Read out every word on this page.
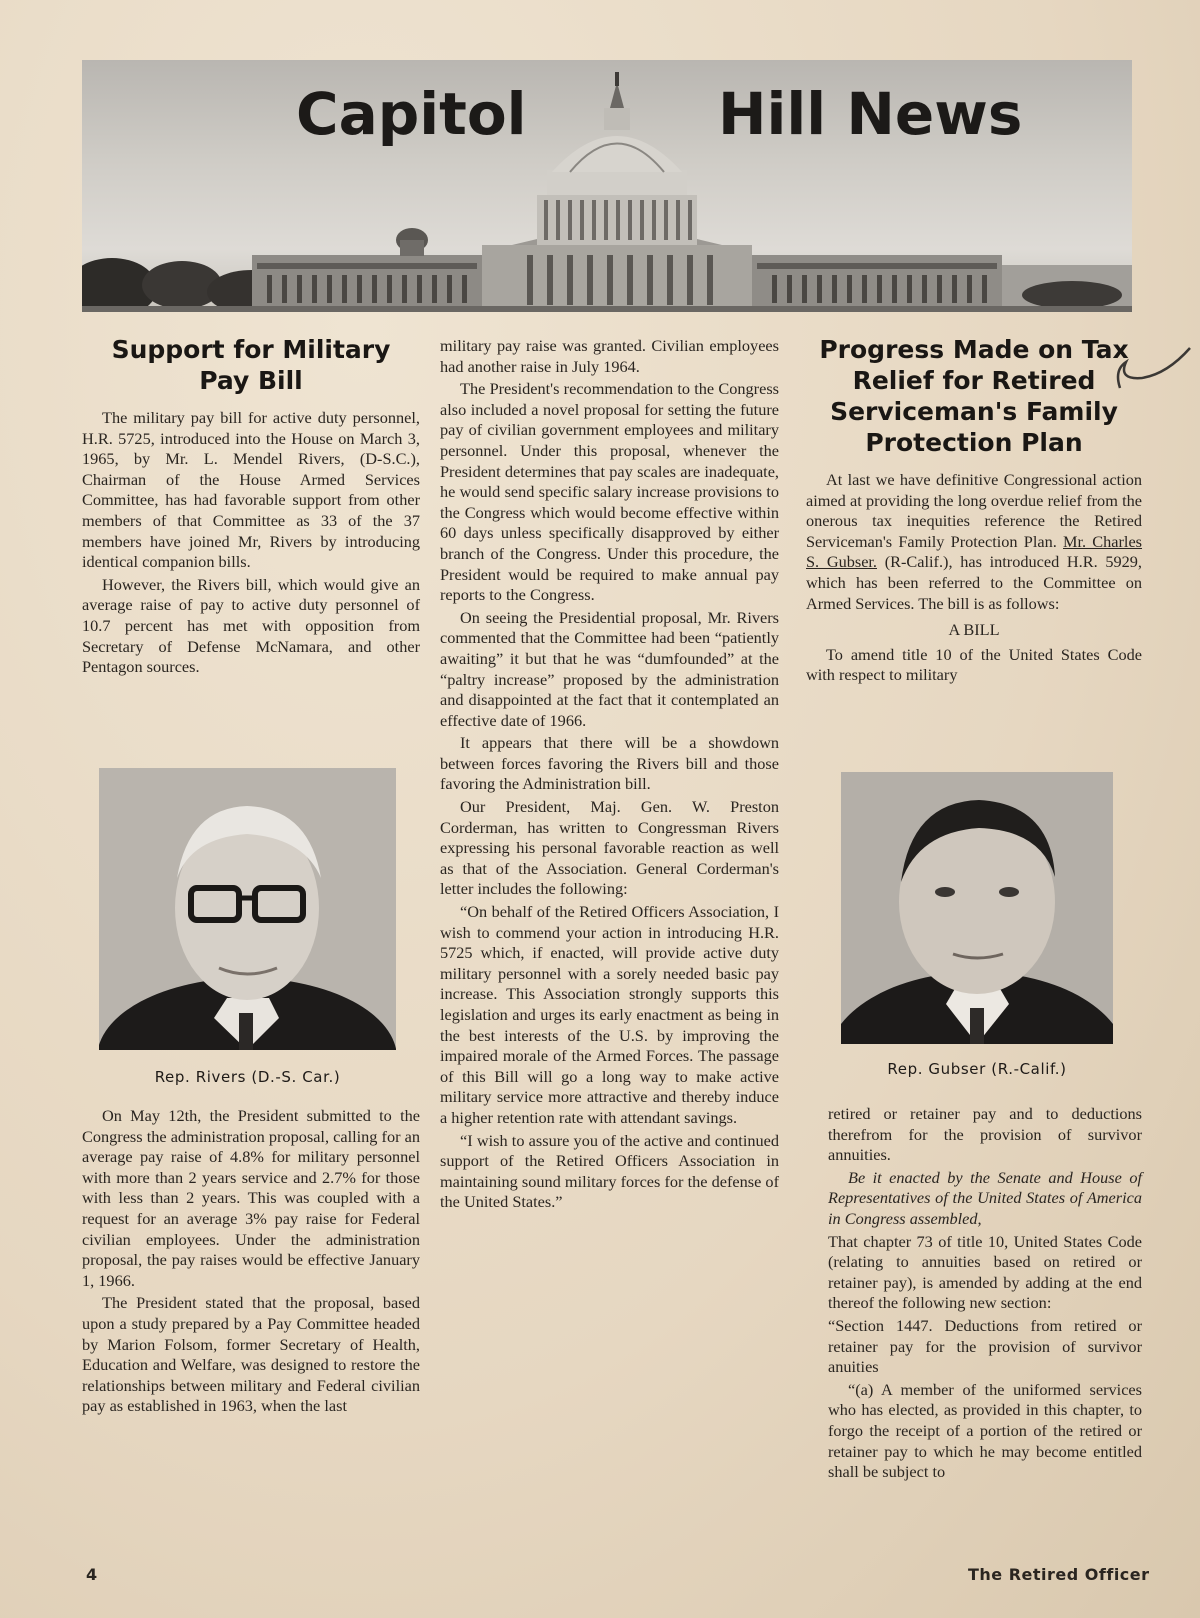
Capitol	Hill News
Support for Military Pay Bill

The military pay bill for active duty personnel, H.R. 5725, introduced into the House on March 3, 1965, by Mr. L. Mendel Rivers, (D-S.C.), Chairman of the House Armed Services Committee, has had favorable support from other members of that Committee as 33 of the 37 members have joined Mr, Rivers by introducing identical companion bills.

However, the Rivers bill, which would give an average raise of pay to active duty personnel of 10.7 percent has met with opposition from Secretary of Defense McNamara, and other Pentagon sources.

Rep. Rivers (D.-S. Car.)

On May 12th, the President submitted to the Congress the administration proposal, calling for an average pay raise of 4.8% for military personnel with more than 2 years service and 2.7% for those with less than 2 years. This was coupled with a request for an average 3% pay raise for Federal civilian employees. Under the administration proposal, the pay raises would be effective January 1, 1966.

The President stated that the proposal, based upon a study prepared by a Pay Committee headed by Marion Folsom, former Secretary of Health, Education and Welfare, was designed to restore the relationships between military and Federal civilian pay as established in 1963, when the last

military pay raise was granted. Civilian employees had another raise in July 1964.

The President's recommendation to the Congress also included a novel proposal for setting the future pay of civilian government employees and military personnel. Under this proposal, whenever the President determines that pay scales are inadequate, he would send specific salary increase provisions to the Congress which would become effective within 60 days unless specifically disapproved by either branch of the Congress. Under this procedure, the President would be required to make annual pay reports to the Congress.

On seeing the Presidential proposal, Mr. Rivers commented that the Committee had been “patiently awaiting” it but that he was “dumfounded” at the “paltry increase” proposed by the administration and disappointed at the fact that it contemplated an effective date of 1966.

It appears that there will be a showdown between forces favoring the Rivers bill and those favoring the Administration bill.

Our President, Maj. Gen. W. Preston Corderman, has written to Congressman Rivers expressing his personal favorable reaction as well as that of the Association. General Corderman's letter includes the following:

“On behalf of the Retired Officers Association, I wish to commend your action in introducing H.R. 5725 which, if enacted, will provide active duty military personnel with a sorely needed basic pay increase. This Association strongly supports this legislation and urges its early enactment as being in the best interests of the U.S. by improving the impaired morale of the Armed Forces. The passage of this Bill will go a long way to make active military service more attractive and thereby induce a higher retention rate with attendant savings.

“I wish to assure you of the active and continued support of the Retired Officers Association in maintaining sound military forces for the defense of the United States.”

Progress Made on Tax Relief for Retired Serviceman's Family Protection Plan

At last we have definitive Congressional action aimed at providing the long overdue relief from the onerous tax inequities reference the Retired Serviceman's Family Protection Plan. Mr. Charles S. Gubser. (R-Calif.), has introduced H.R. 5929, which has been referred to the Committee on Armed Services. The bill is as follows:

A BILL

To amend title 10 of the United States Code with respect to military

Rep. Gubser (R.-Calif.)

retired or retainer pay and to deductions therefrom for the provision of survivor annuities.

Be it enacted by the Senate and House of Representatives of the United States of America in Congress assembled,

That chapter 73 of title 10, United States Code (relating to annuities based on retired or retainer pay), is amended by adding at the end thereof the following new section:

“Section 1447. Deductions from retired or retainer pay for the provision of survivor anuities

“(a) A member of the uniformed services who has elected, as provided in this chapter, to forgo the receipt of a portion of the retired or retainer pay to which he may become entitled shall be subject to

4	The Retired Officer
